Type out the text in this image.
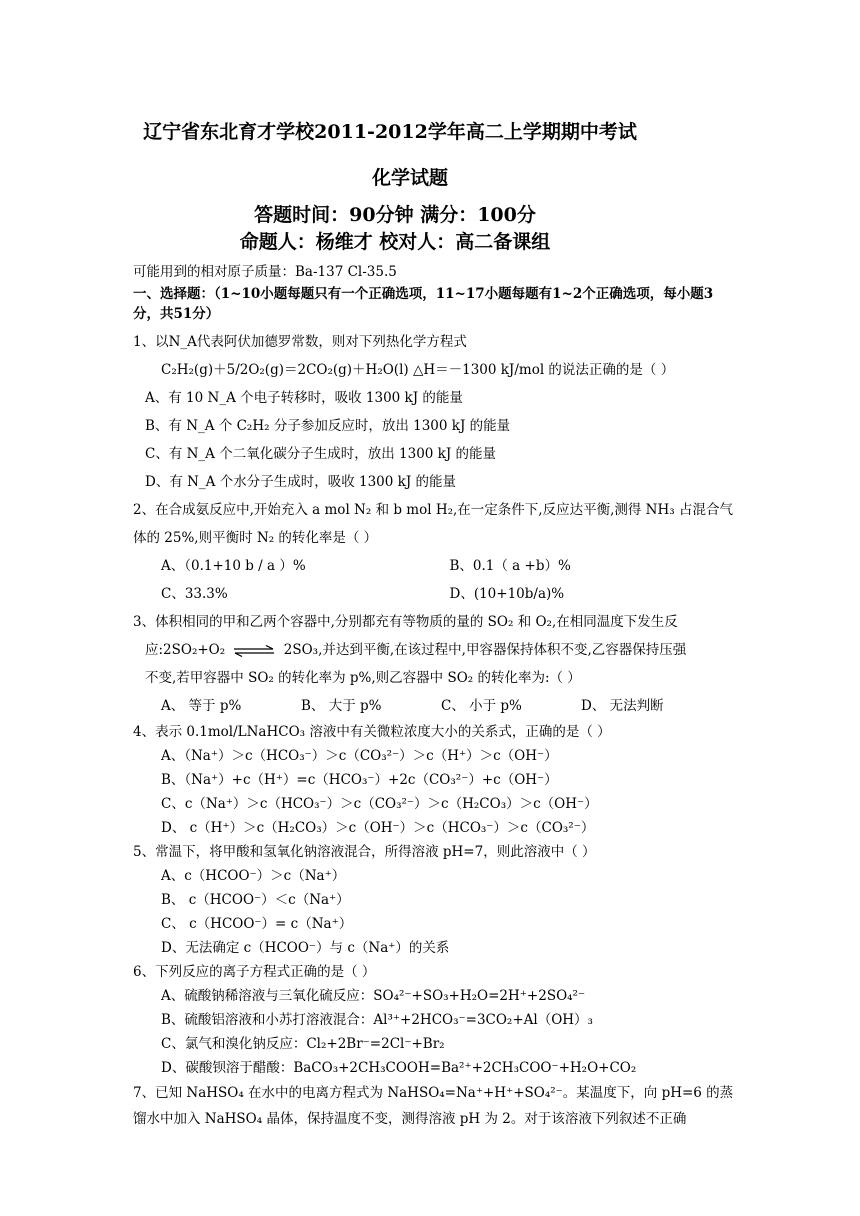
辽宁省东北育才学校2011-2012学年高二上学期期中考试
化学试题
答题时间：90分钟 满分：100分
命题人：杨维才 校对人：高二备课组
可能用到的相对原子质量：Ba-137 Cl-35.5
一、选择题：（1~10小题每题只有一个正确选项，11~17小题每题有1~2个正确选项，每小题3分，共51分）
1、以N_A代表阿伏加德罗常数，则对下列热化学方程式
C₂H₂(g)＋5/2O₂(g)＝2CO₂(g)＋H₂O(l) △H＝－1300 kJ/mol 的说法正确的是（ ）
A、有 10 N_A 个电子转移时，吸收 1300 kJ 的能量
B、有 N_A 个 C₂H₂ 分子参加反应时，放出 1300 kJ 的能量
C、有 N_A 个二氧化碳分子生成时，放出 1300 kJ 的能量
D、有 N_A 个水分子生成时，吸收 1300 kJ 的能量
2、在合成氨反应中,开始充入 a mol N₂ 和 b mol H₂,在一定条件下,反应达平衡,测得 NH₃ 占混合气体的 25%,则平衡时 N₂ 的转化率是（ ）
A、（0.1+10 b / a ）%	B、0.1（ a +b）%
C、33.3%	D、(10+10b/a)%
3、体积相同的甲和乙两个容器中,分别都充有等物质的量的 SO₂ 和 O₂,在相同温度下发生反
应:2SO₂+O₂ ⇌ 2SO₃,并达到平衡,在该过程中,甲容器保持体积不变,乙容器保持压强
不变,若甲容器中 SO₂ 的转化率为 p%,则乙容器中 SO₂ 的转化率为:（ ）
A、 等于 p%	B、 大于 p%	C、 小于 p%	D、 无法判断
4、表示 0.1mol/LNaHCO₃ 溶液中有关微粒浓度大小的关系式，正确的是（ ）
A、（Na⁺）＞c（HCO₃⁻）＞c（CO₃²⁻）＞c（H⁺）＞c（OH⁻）
B、（Na⁺）+c（H⁺）=c（HCO₃⁻）+2c（CO₃²⁻）+c（OH⁻）
C、c（Na⁺）＞c（HCO₃⁻）＞c（CO₃²⁻）＞c（H₂CO₃）＞c（OH⁻）
D、 c（H⁺）＞c（H₂CO₃）＞c（OH⁻）＞c（HCO₃⁻）＞c（CO₃²⁻）
5、常温下，将甲酸和氢氧化钠溶液混合，所得溶液 pH=7，则此溶液中（ ）
A、c（HCOO⁻）＞c（Na⁺）
B、 c（HCOO⁻）＜c（Na⁺）
C、 c（HCOO⁻）= c（Na⁺）
D、无法确定 c（HCOO⁻）与 c（Na⁺）的关系
6、下列反应的离子方程式正确的是（ ）
A、硫酸钠稀溶液与三氧化硫反应：SO₄²⁻+SO₃+H₂O=2H⁺+2SO₄²⁻
B、硫酸铝溶液和小苏打溶液混合：Al³⁺+2HCO₃⁻=3CO₂+Al（OH）₃
C、氯气和溴化钠反应：Cl₂+2Br⁻=2Cl⁻+Br₂
D、碳酸钡溶于醋酸：BaCO₃+2CH₃COOH=Ba²⁺+2CH₃COO⁻+H₂O+CO₂
7、已知 NaHSO₄ 在水中的电离方程式为 NaHSO₄=Na⁺+H⁺+SO₄²⁻。某温度下，向 pH=6 的蒸馏水中加入 NaHSO₄ 晶体，保持温度不变，测得溶液 pH 为 2。对于该溶液下列叙述不正确
